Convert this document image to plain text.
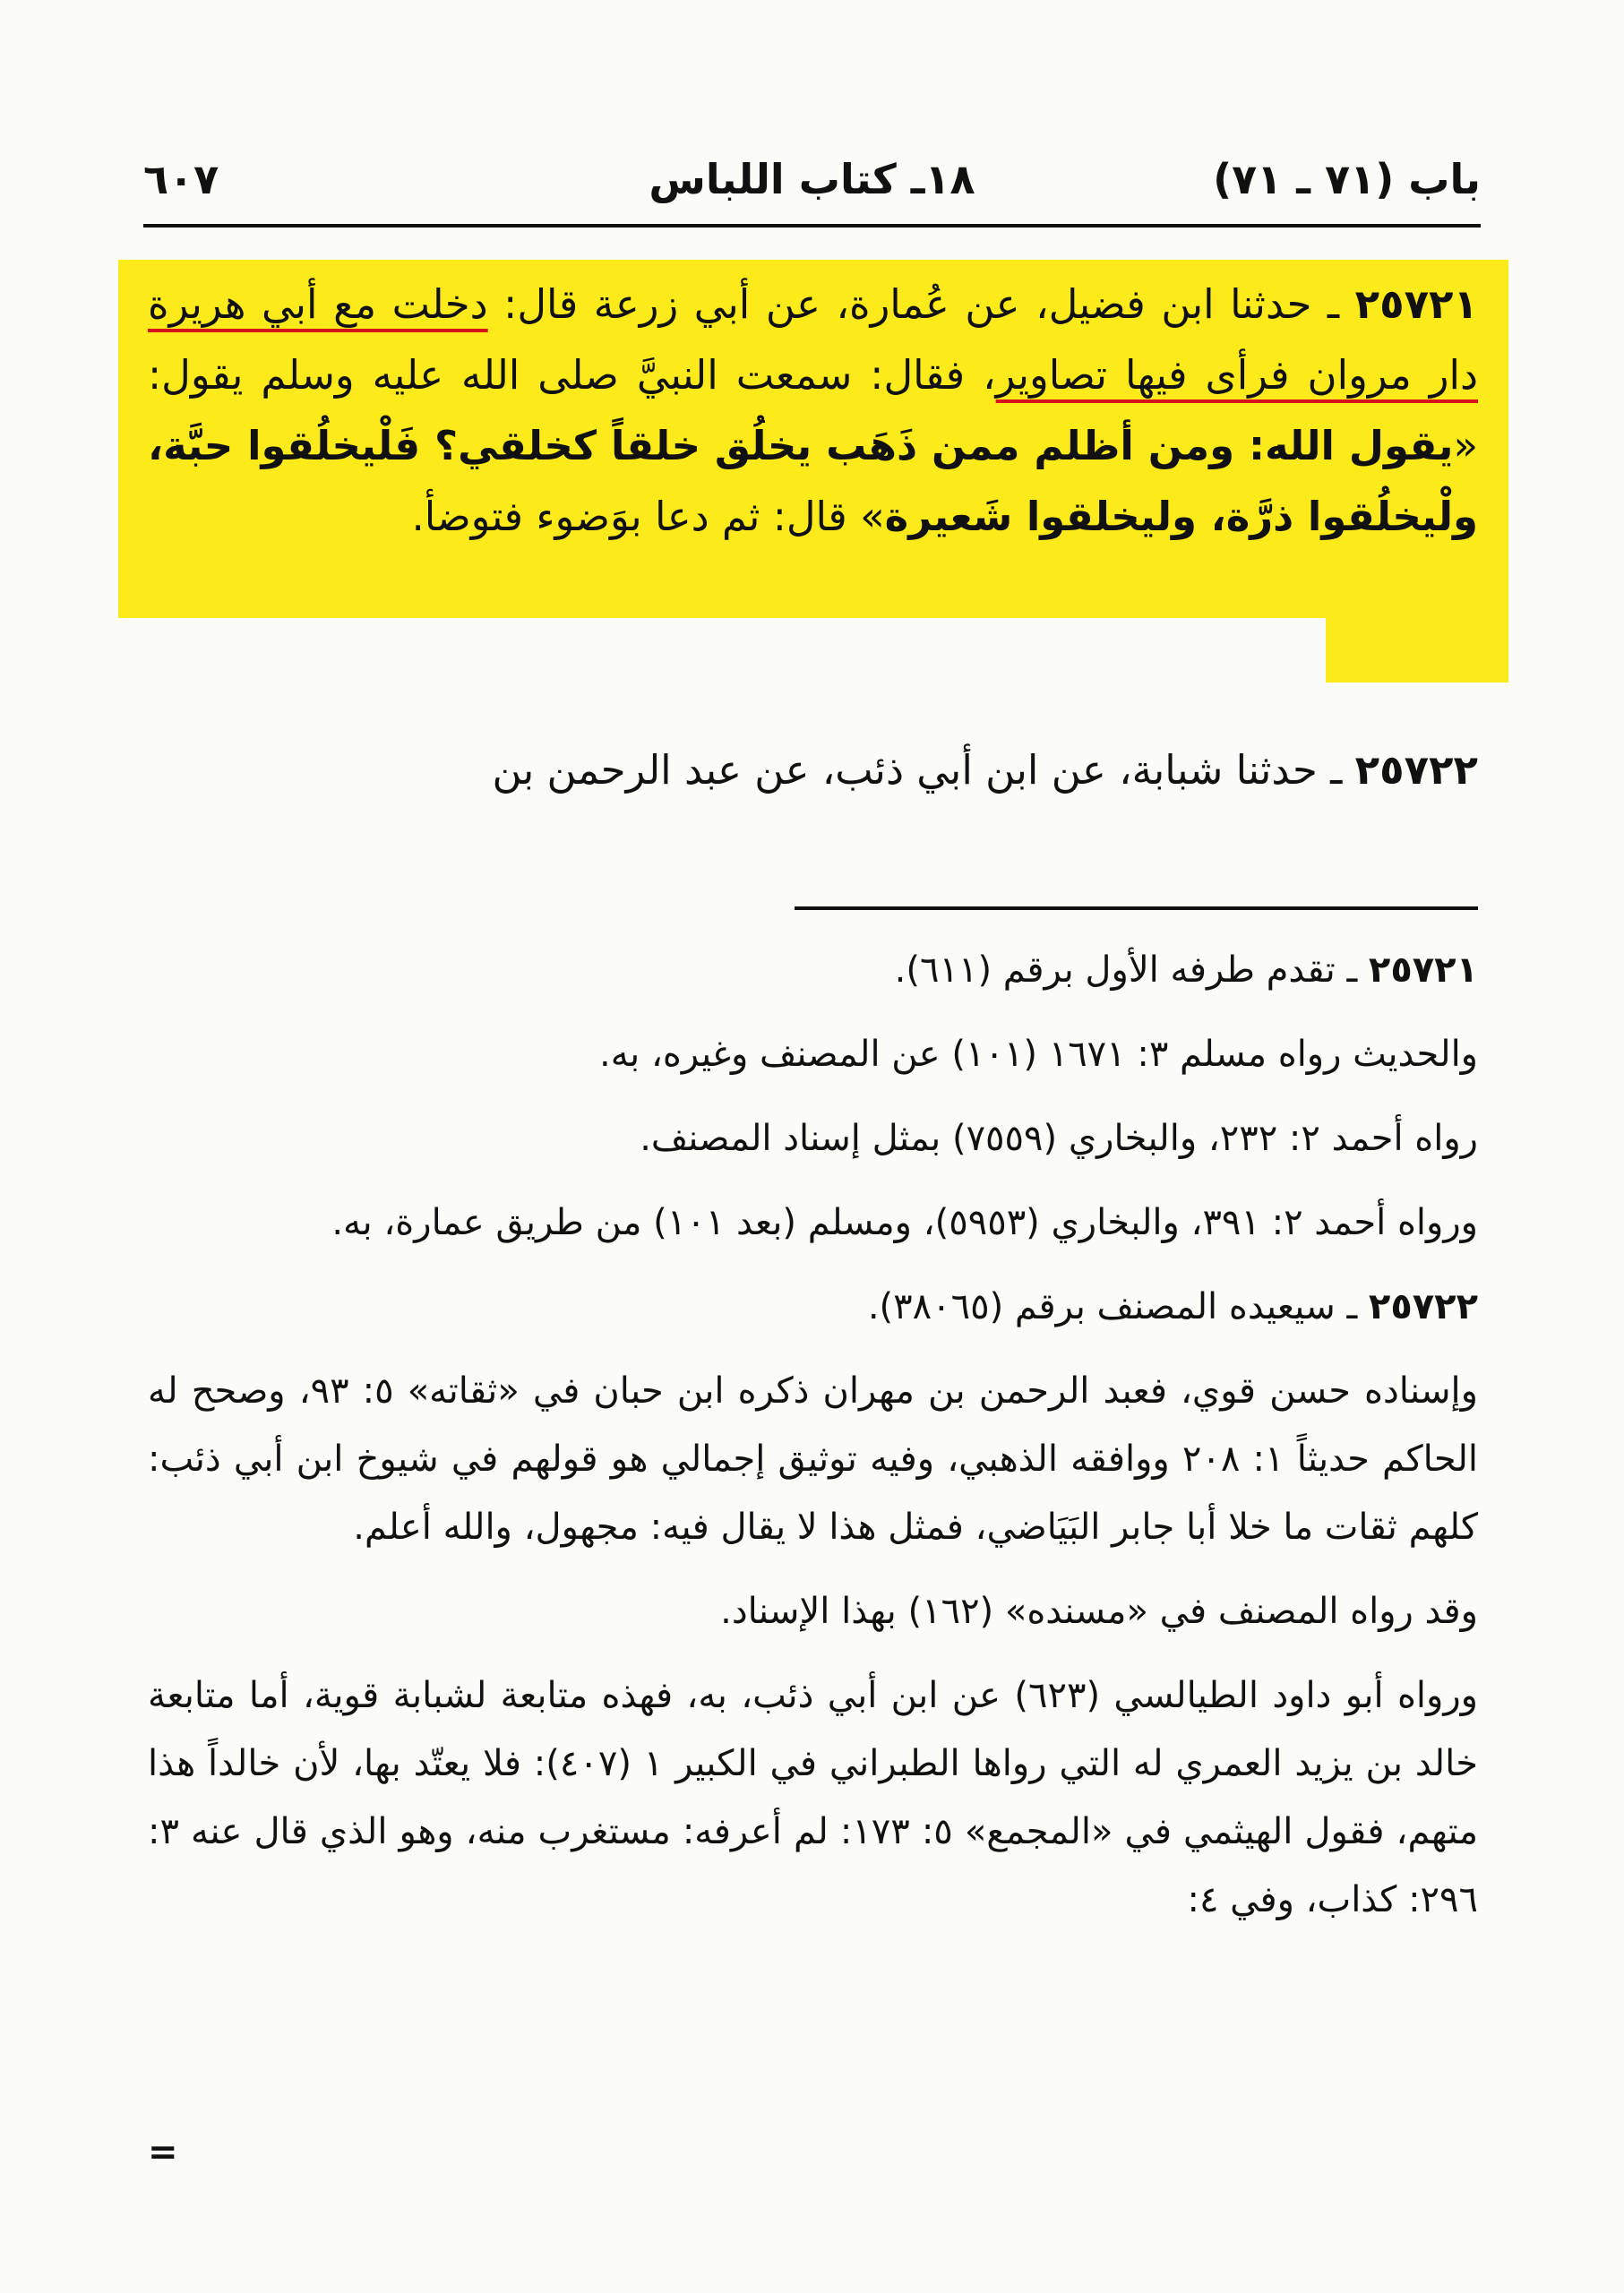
باب (٧١ ـ ٧١)
١٨ـ كتاب اللباس
٦٠٧
٢٥٧٢١ ـ حدثنا ابن فضيل، عن عُمارة، عن أبي زرعة قال: دخلت مع أبي هريرة دار مروان فرأى فيها تصاوير، فقال: سمعت النبيَّ صلى الله عليه وسلم يقول: «يقول الله: ومن أظلم ممن ذَهَب يخلُق خلقاً كخلقي؟ فَلْيخلُقوا حبَّة، ولْيخلُقوا ذرَّة، وليخلقوا شَعيرة» قال: ثم دعا بوَضوء فتوضأ.
٢٥٧٢٢ ـ حدثنا شبابة، عن ابن أبي ذئب، عن عبد الرحمن بن

٢٥٧٢١ ـ تقدم طرفه الأول برقم (٦١١).

والحديث رواه مسلم ٣: ١٦٧١ (١٠١) عن المصنف وغيره، به.

رواه أحمد ٢: ٢٣٢، والبخاري (٧٥٥٩) بمثل إسناد المصنف.

ورواه أحمد ٢: ٣٩١، والبخاري (٥٩٥٣)، ومسلم (بعد ١٠١) من طريق عمارة، به.

٢٥٧٢٢ ـ سيعيده المصنف برقم (٣٨٠٦٥).

وإسناده حسن قوي، فعبد الرحمن بن مهران ذكره ابن حبان في «ثقاته» ٥: ٩٣، وصحح له الحاكم حديثاً ١: ٢٠٨ ووافقه الذهبي، وفيه توثيق إجمالي هو قولهم في شيوخ ابن أبي ذئب: كلهم ثقات ما خلا أبا جابر البَيَاضي، فمثل هذا لا يقال فيه: مجهول، والله أعلم.

وقد رواه المصنف في «مسنده» (١٦٢) بهذا الإسناد.

ورواه أبو داود الطيالسي (٦٢٣) عن ابن أبي ذئب، به، فهذه متابعة لشبابة قوية، أما متابعة خالد بن يزيد العمري له التي رواها الطبراني في الكبير ١ (٤٠٧): فلا يعتّد بها، لأن خالداً هذا متهم، فقول الهيثمي في «المجمع» ٥: ١٧٣: لم أعرفه: مستغرب منه، وهو الذي قال عنه ٣: ٢٩٦: كذاب، وفي ٤:

=
